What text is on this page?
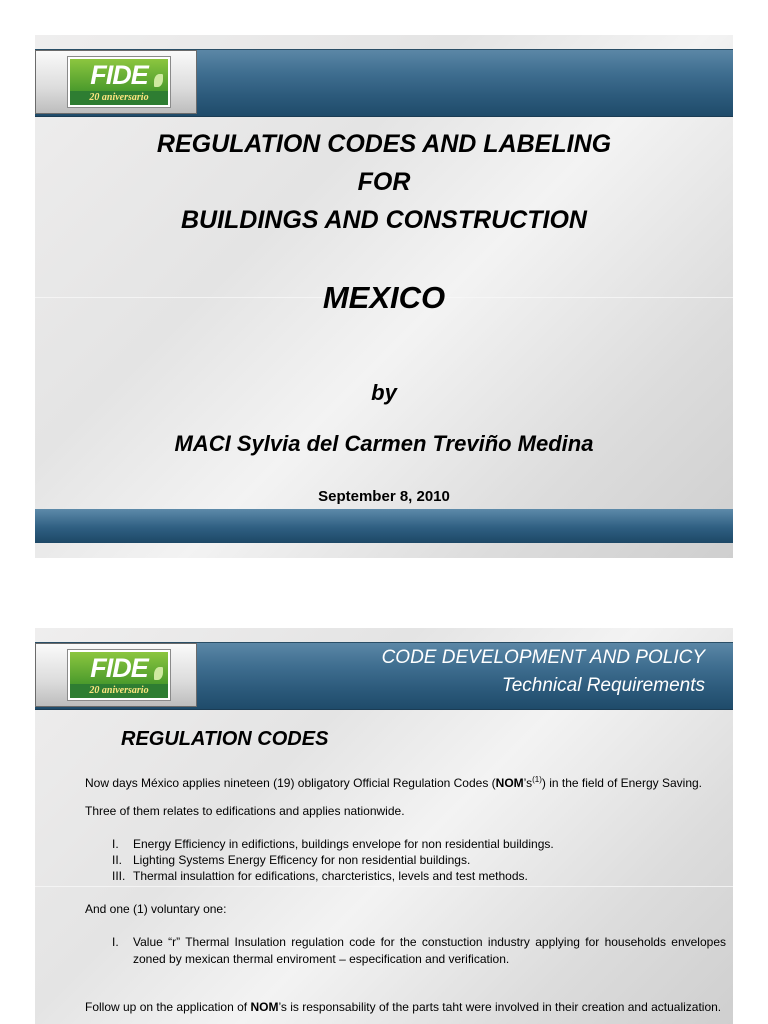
FIDE
20 aniversario
REGULATION CODES AND LABELING
FOR
BUILDINGS AND CONSTRUCTION
MEXICO
by
MACI Sylvia del Carmen Treviño Medina
September 8, 2010
FIDE
20 aniversario
CODE DEVELOPMENT AND POLICY
Technical Requirements
REGULATION CODES
Now days México applies nineteen (19) obligatory Official Regulation Codes $(NOM’s^{(1)})$ in the field of Energy Saving.
Three of them relates to edifications and applies nationwide.
I.	Energy Efficiency in edifictions, buildings envelope for non residential buildings.
II. Lighting Systems Energy Efficency for non residential buildings.
III. Thermal insulattion for edifications, charcteristics, levels and test methods.
And one (1) voluntary one:
I.	Value “r” Thermal Insulation regulation code for the constuction industry applying for households envelopes zoned by mexican thermal enviroment – especification and verification.
Follow up on the application of NOM’s is responsability of the parts taht were involved in their creation and actualization.
